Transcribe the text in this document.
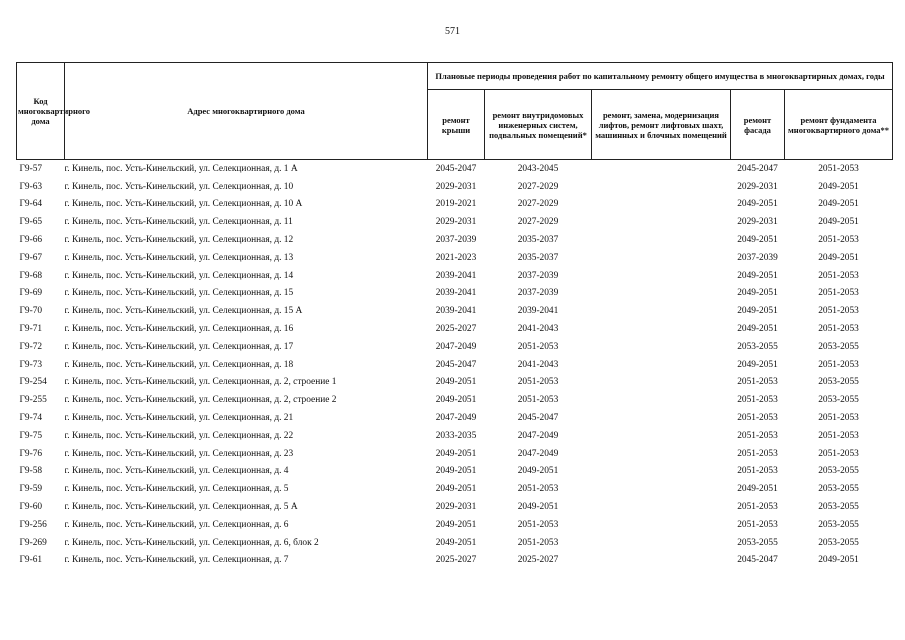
571
Код многоквартирного дома	Адрес многоквартирного дома	Плановые периоды проведения работ по капитальному ремонту общего имущества в многоквартирных домах, годы				
		ремонт крыши	ремонт внутридомовых инженерных систем, подвальных помещений*	ремонт, замена, модернизация лифтов, ремонт лифтовых шахт, машинных и блочных помещений	ремонт фасада	ремонт фундамента многоквартирного дома**
Г9-57	г. Кинель, пос. Усть-Кинельский, ул. Селекционная, д. 1 А	2045-2047	2043-2045		2045-2047	2051-2053
Г9-63	г. Кинель, пос. Усть-Кинельский, ул. Селекционная, д. 10	2029-2031	2027-2029		2029-2031	2049-2051
Г9-64	г. Кинель, пос. Усть-Кинельский, ул. Селекционная, д. 10 А	2019-2021	2027-2029		2049-2051	2049-2051
Г9-65	г. Кинель, пос. Усть-Кинельский, ул. Селекционная, д. 11	2029-2031	2027-2029		2029-2031	2049-2051
Г9-66	г. Кинель, пос. Усть-Кинельский, ул. Селекционная, д. 12	2037-2039	2035-2037		2049-2051	2051-2053
Г9-67	г. Кинель, пос. Усть-Кинельский, ул. Селекционная, д. 13	2021-2023	2035-2037		2037-2039	2049-2051
Г9-68	г. Кинель, пос. Усть-Кинельский, ул. Селекционная, д. 14	2039-2041	2037-2039		2049-2051	2051-2053
Г9-69	г. Кинель, пос. Усть-Кинельский, ул. Селекционная, д. 15	2039-2041	2037-2039		2049-2051	2051-2053
Г9-70	г. Кинель, пос. Усть-Кинельский, ул. Селекционная, д. 15 А	2039-2041	2039-2041		2049-2051	2051-2053
Г9-71	г. Кинель, пос. Усть-Кинельский, ул. Селекционная, д. 16	2025-2027	2041-2043		2049-2051	2051-2053
Г9-72	г. Кинель, пос. Усть-Кинельский, ул. Селекционная, д. 17	2047-2049	2051-2053		2053-2055	2053-2055
Г9-73	г. Кинель, пос. Усть-Кинельский, ул. Селекционная, д. 18	2045-2047	2041-2043		2049-2051	2051-2053
Г9-254	г. Кинель, пос. Усть-Кинельский, ул. Селекционная, д. 2, строение 1	2049-2051	2051-2053		2051-2053	2053-2055
Г9-255	г. Кинель, пос. Усть-Кинельский, ул. Селекционная, д. 2, строение 2	2049-2051	2051-2053		2051-2053	2053-2055
Г9-74	г. Кинель, пос. Усть-Кинельский, ул. Селекционная, д. 21	2047-2049	2045-2047		2051-2053	2051-2053
Г9-75	г. Кинель, пос. Усть-Кинельский, ул. Селекционная, д. 22	2033-2035	2047-2049		2051-2053	2051-2053
Г9-76	г. Кинель, пос. Усть-Кинельский, ул. Селекционная, д. 23	2049-2051	2047-2049		2051-2053	2051-2053
Г9-58	г. Кинель, пос. Усть-Кинельский, ул. Селекционная, д. 4	2049-2051	2049-2051		2051-2053	2053-2055
Г9-59	г. Кинель, пос. Усть-Кинельский, ул. Селекционная, д. 5	2049-2051	2051-2053		2049-2051	2053-2055
Г9-60	г. Кинель, пос. Усть-Кинельский, ул. Селекционная, д. 5 А	2029-2031	2049-2051		2051-2053	2053-2055
Г9-256	г. Кинель, пос. Усть-Кинельский, ул. Селекционная, д. 6	2049-2051	2051-2053		2051-2053	2053-2055
Г9-269	г. Кинель, пос. Усть-Кинельский, ул. Селекционная, д. 6, блок 2	2049-2051	2051-2053		2053-2055	2053-2055
Г9-61	г. Кинель, пос. Усть-Кинельский, ул. Селекционная, д. 7	2025-2027	2025-2027		2045-2047	2049-2051
